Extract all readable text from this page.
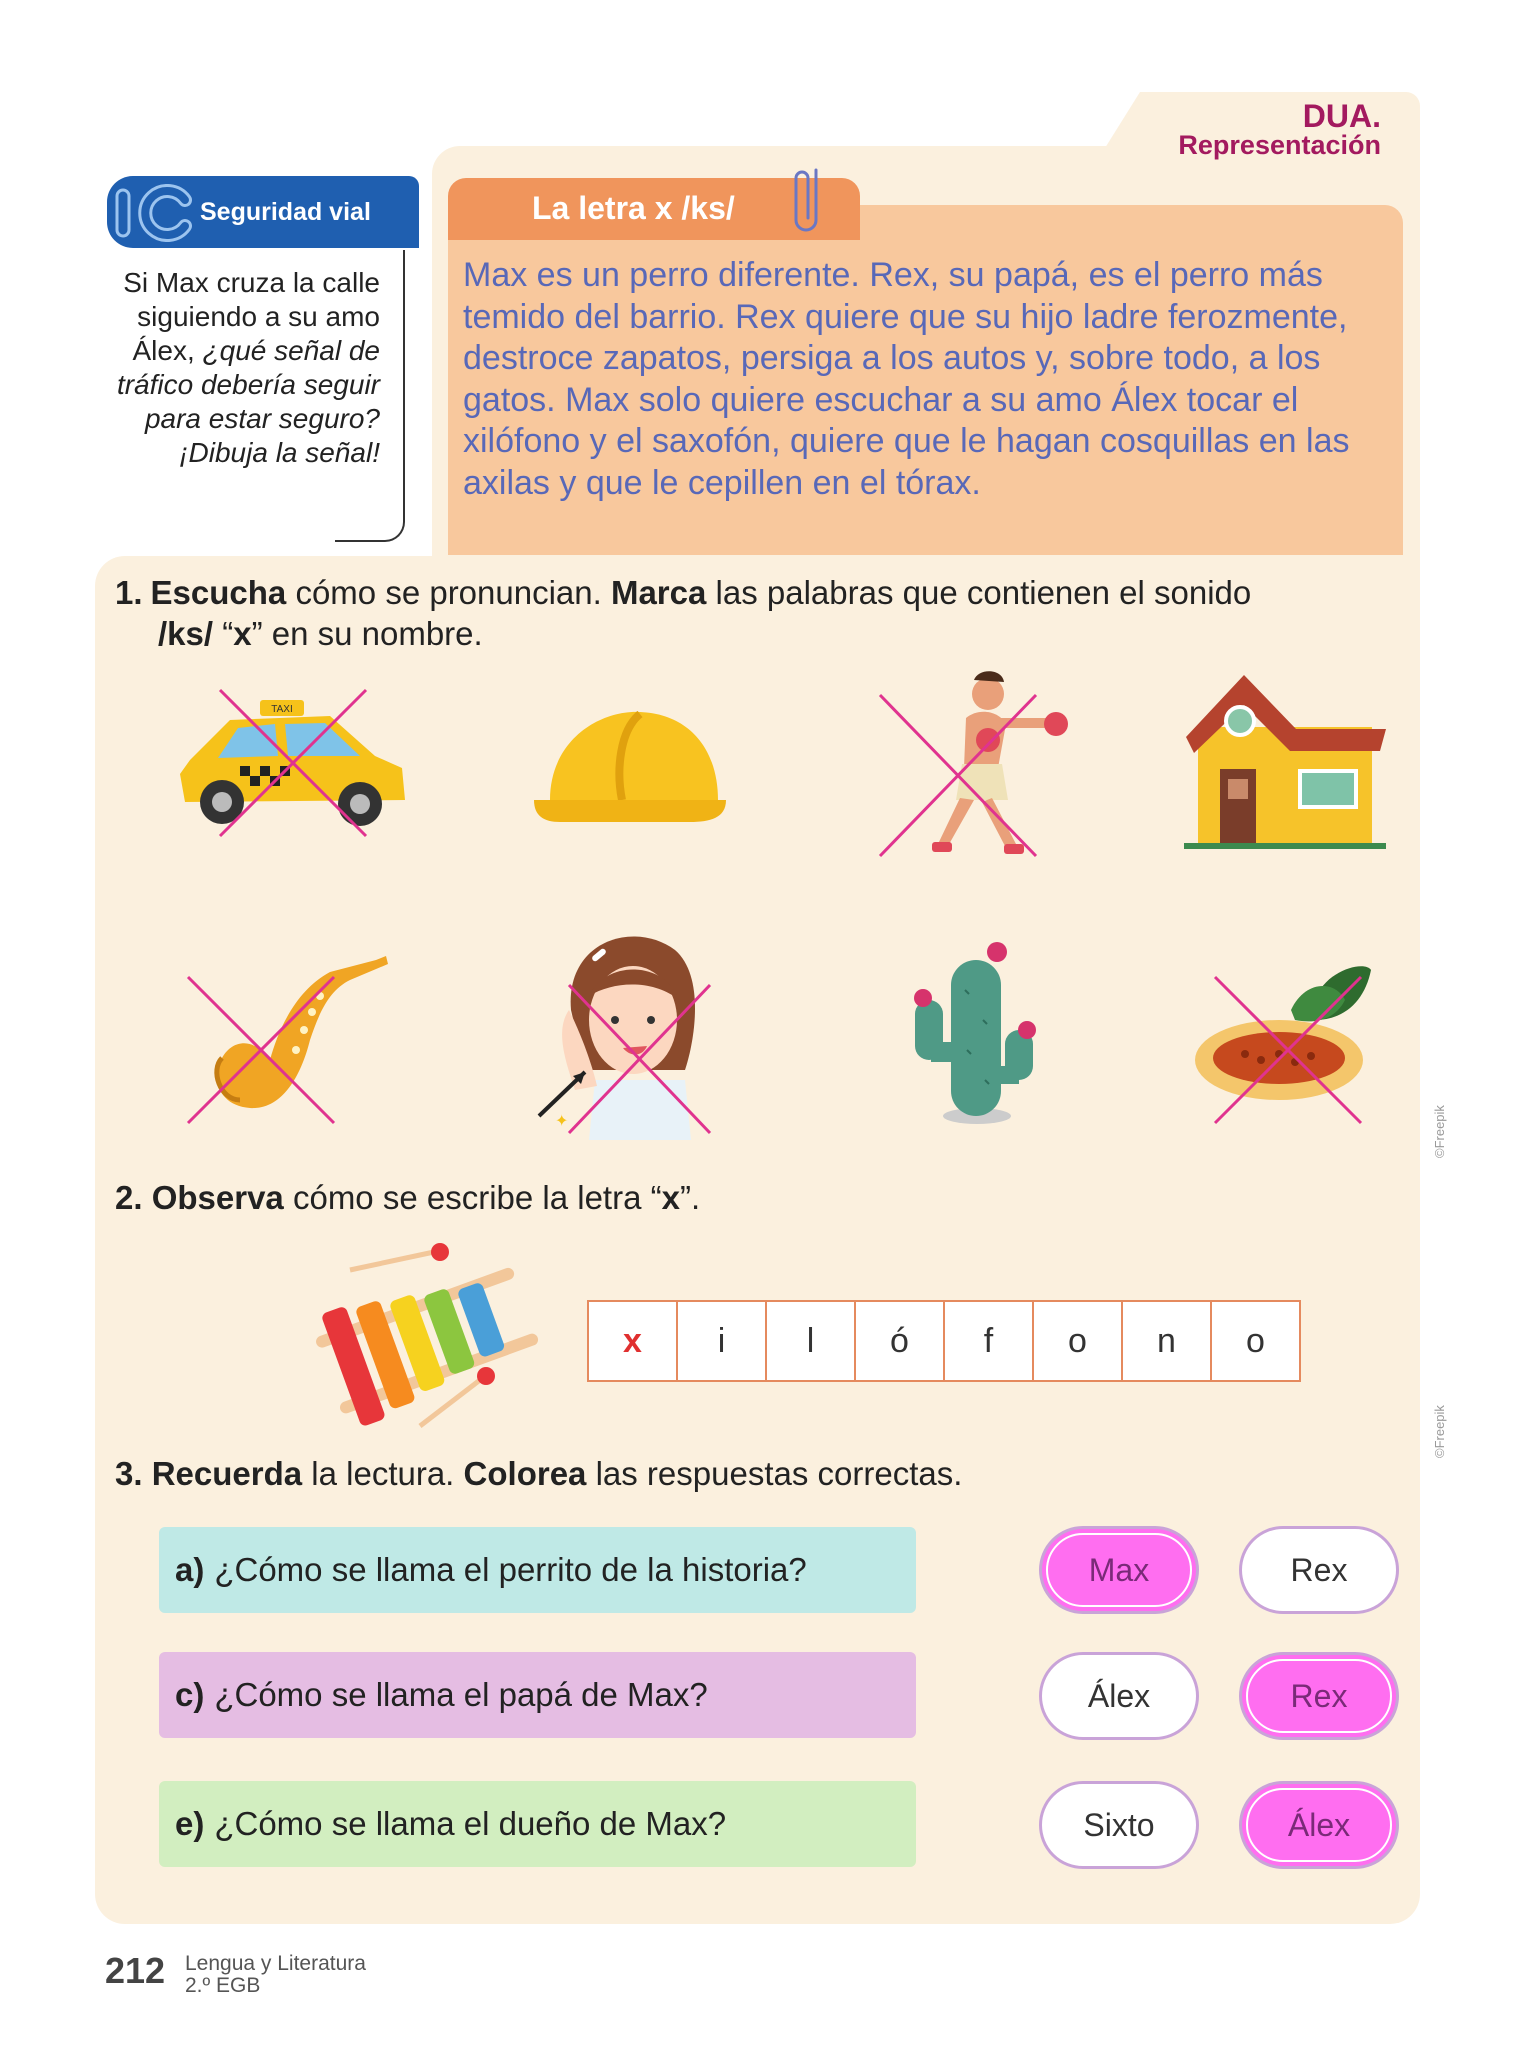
DUA.
Representación
Seguridad vial
Si Max cruza la calle siguiendo a su amo Álex, ¿qué señal de tráfico debería seguir para estar seguro? ¡Dibuja la señal!
La letra x /ks/
Max es un perro diferente. Rex, su papá, es el perro más temido del barrio. Rex quiere que su hijo ladre ferozmente, destroce zapatos, persiga a los autos y, sobre todo, a los gatos. Max solo quiere escuchar a su amo Álex tocar el xilófono y el saxofón, quiere que le hagan cosquillas en las axilas y que le cepillen en el tórax.
1. Escucha cómo se pronuncian. Marca las palabras que contienen el sonido
/ks/ “x” en su nombre.
TAXI
✦	©Freepik
2. Observa cómo se escribe la letra “x”.
x	i	l	ó	f	o	n	o
©Freepik
3. Recuerda la lectura. Colorea las respuestas correctas.
a) ¿Cómo se llama el perrito de la historia?	Max	Rex
c) ¿Cómo se llama el papá de Max?	Álex	Rex
e) ¿Cómo se llama el dueño de Max?	Sixto	Álex
212 Lengua y Literatura
2.º EGB
